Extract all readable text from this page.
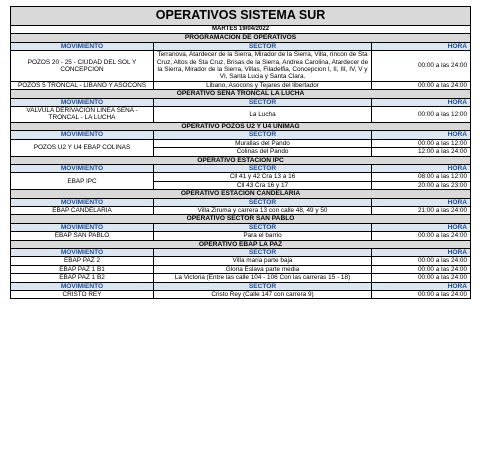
OPERATIVOS SISTEMA SUR		
MARTES 19/04/2022		
PROGRAMACIÓN DE OPERATIVOS		
MOVIMIENTO	SECTOR	HORA
POZOS 20 - 25 - CIUDAD DEL SOL Y CONCEPCION	Terranova, Atardecer de la Sierra, Mirador de la Sierra, Villa, rincon de Sta Cruz, Altos de Sta Cruz, Brisas de la Sierra, Andrea Carolina, Atardecer de la Sierra, Mirador de la Sierra, Villas, Filadelfia, Concepcion I, II, III, IV, V y VI, Santa Lucia y Santa Clara.	00:00 a las 24:00
POZOS 5 TRONCAL - LIBANO Y ASOCONS	Libano, Asocons y Tejares del libertador	00:00 a las 24:00
OPERATIVO SENA TRONCAL LA LUCHA		
MOVIMIENTO	SECTOR	HORA
VALVULA DERIVACION LINEA SENA - TRONCAL - LA LUCHA	La Lucha	00:00 a las 12:00
OPERATIVO POZOS U2 Y U4 UNIMAG		
MOVIMIENTO	SECTOR	HORA
POZOS U2 Y U4 EBAP COLINAS	Murallas del Pando	00:00 a las 12:00
	Colinas del Pando	12:00 a las 24:00
OPERATIVO ESTACION IPC		
MOVIMIENTO	SECTOR	HORA
EBAP IPC	Cll 41 y 42 Cra 13 a 16	08:00 a las 12:00
	Cll 43 Cra 16 y 17	20:00 a las 23:00
OPERATIVO ESTACION CANDELARIA		
MOVIMIENTO	SECTOR	HORA
EBAP CANDELARIA	Villa Ziruma y carrera 13 con calle 48, 49 y 50	21:00 a las 24:00
OPERATIVO SECTOR SAN PABLO		
MOVIMIENTO	SECTOR	HORA
EBAP SAN PABLO	Para el barrio	00:00 a las 24:00
OPERATIVO EBAP LA PAZ		
MOVIMIENTO	SECTOR	HORA
EBAP PAZ 2	Villa maria parte baja	00:00 a las 24:00
EBAP PAZ 1 B1	Gloria Eslava parte media	00:00 a las 24:00
EBAP PAZ 1 B2	La Victoria (Entre las calle 104 - 106 Con las carreras 15 - 18)	00:00 a las 24:00
MOVIMIENTO	SECTOR	HORA
CRISTO REY	Cristo Rey (Calle 147 con carrera 9)	00:00 a las 24:00
